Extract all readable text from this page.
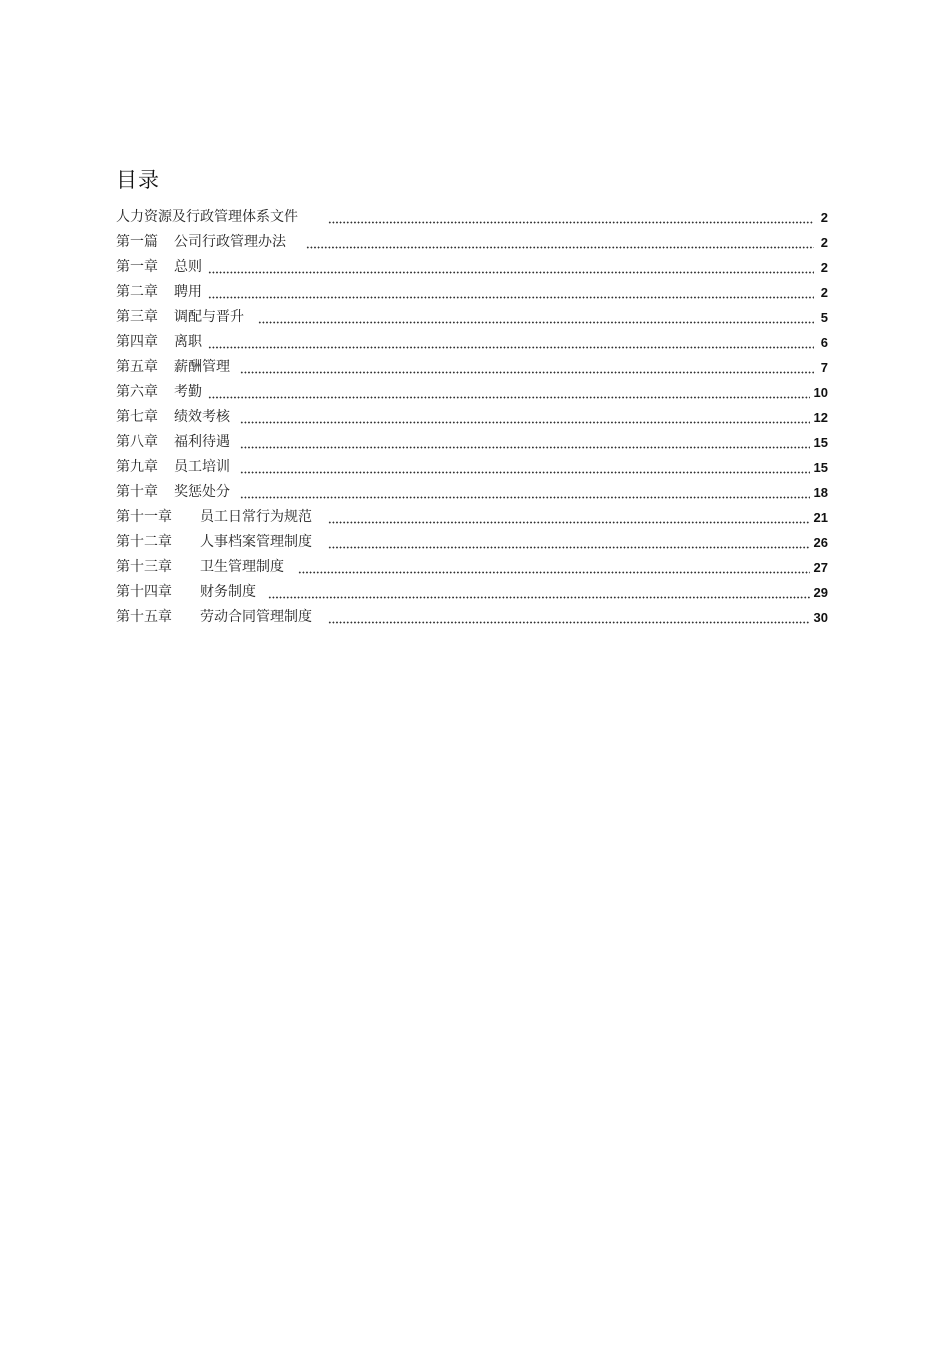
目录
人力资源及行政管理体系文件	2
第一篇 公司行政管理办法	2
第一章 总则	2
第二章 聘用	2
第三章 调配与晋升	5
第四章 离职	6
第五章 薪酬管理	7
第六章 考勤	10
第七章 绩效考核	12
第八章 福利待遇	15
第九章 员工培训	15
第十章 奖惩处分	18
第十一章 员工日常行为规范	21
第十二章 人事档案管理制度	26
第十三章 卫生管理制度	27
第十四章 财务制度	29
第十五章 劳动合同管理制度	30
